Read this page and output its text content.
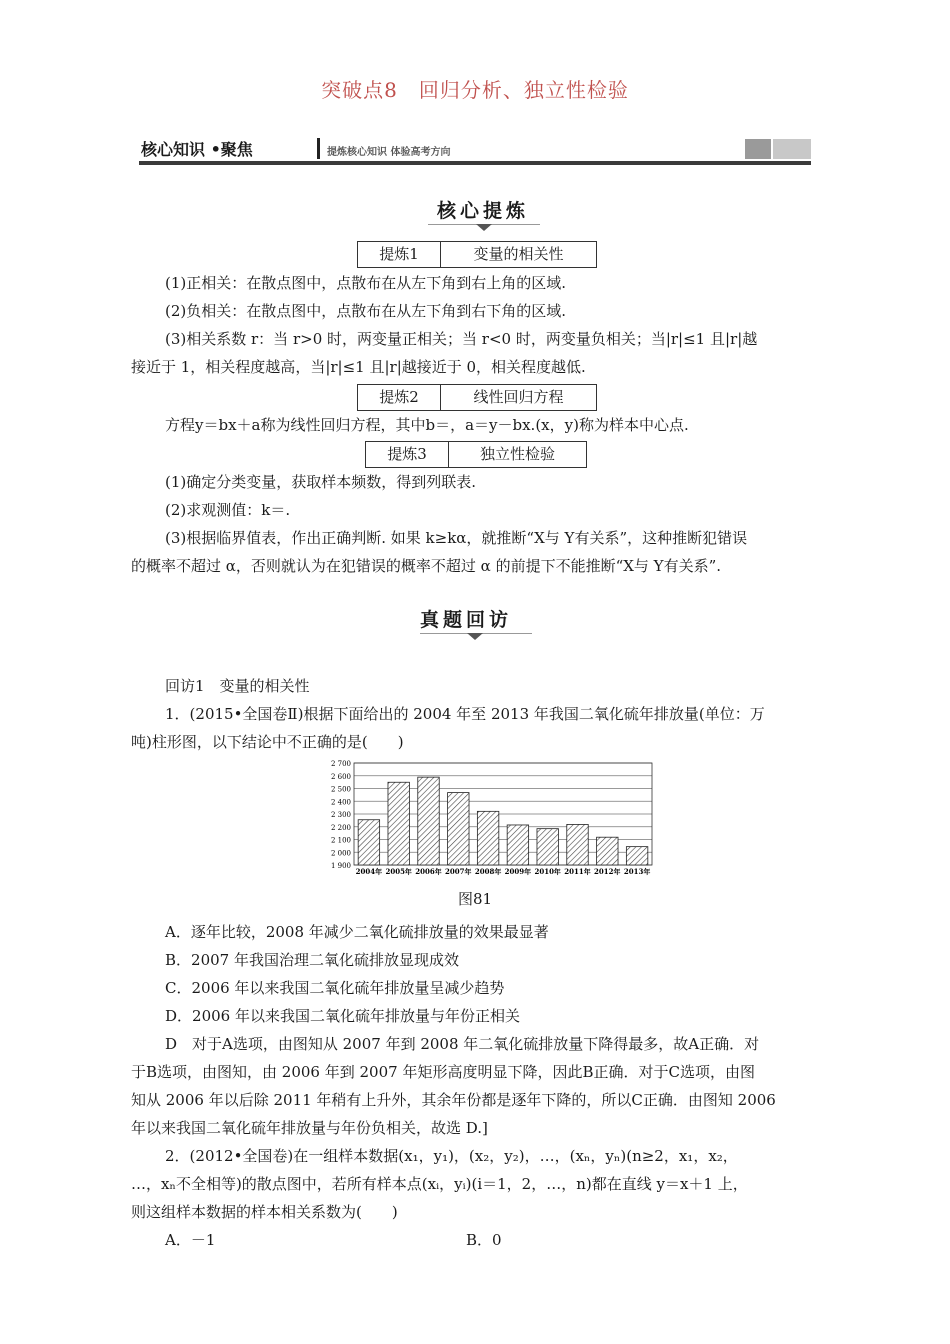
突破点8　回归分析、独立性检验
核心知识 •聚焦	提炼核心知识 体验高考方向
核心提炼
提炼1	变量的相关性
(1)正相关：在散点图中，点散布在从左下角到右上角的区域.
(2)负相关：在散点图中，点散布在从左下角到右下角的区域.
(3)相关系数 r：当 r>0 时，两变量正相关；当 r<0 时，两变量负相关；当|r|≤1 且|r|越
接近于 1，相关程度越高，当|r|≤1 且|r|越接近于 0，相关程度越低.
提炼2	线性回归方程
方程y＝bx＋a称为线性回归方程，其中b＝，a＝y－bx.(x，y)称为样本中心点.
提炼3	独立性检验
(1)确定分类变量，获取样本频数，得到列联表.
(2)求观测值：k＝.
(3)根据临界值表，作出正确判断. 如果 k≥kα，就推断“X与 Y有关系”，这种推断犯错误
的概率不超过 α，否则就认为在犯错误的概率不超过 α 的前提下不能推断“X与 Y有关系”.
真题回访
回访1　变量的相关性
1．(2015•全国卷Ⅱ)根据下面给出的 2004 年至 2013 年我国二氧化硫年排放量(单位：万
吨)柱形图，以下结论中不正确的是(　　)
2 700
2 600
2 500
2 400
2 300
2 200
2 100
2 000
1 900
2004年 2005年 2006年 2007年 2008年 2009年 2010年 2011年 2012年 2013年
图81
A．逐年比较，2008 年减少二氧化硫排放量的效果最显著
B．2007 年我国治理二氧化硫排放显现成效
C．2006 年以来我国二氧化硫年排放量呈减少趋势
D．2006 年以来我国二氧化硫年排放量与年份正相关
D　对于A选项，由图知从 2007 年到 2008 年二氧化硫排放量下降得最多，故A正确．对
于B选项，由图知，由 2006 年到 2007 年矩形高度明显下降，因此B正确．对于C选项，由图
知从 2006 年以后除 2011 年稍有上升外，其余年份都是逐年下降的，所以C正确．由图知 2006
年以来我国二氧化硫年排放量与年份负相关，故选 D.]
2．(2012•全国卷)在一组样本数据(x₁，y₁)，(x₂，y₂)，…，(xₙ，yₙ)(n≥2，x₁，x₂，
…，xₙ不全相等)的散点图中，若所有样本点(xᵢ，yᵢ)(i＝1，2，…，n)都在直线 y＝x＋1 上，
则这组样本数据的样本相关系数为(　　)
A．－1	B．0
